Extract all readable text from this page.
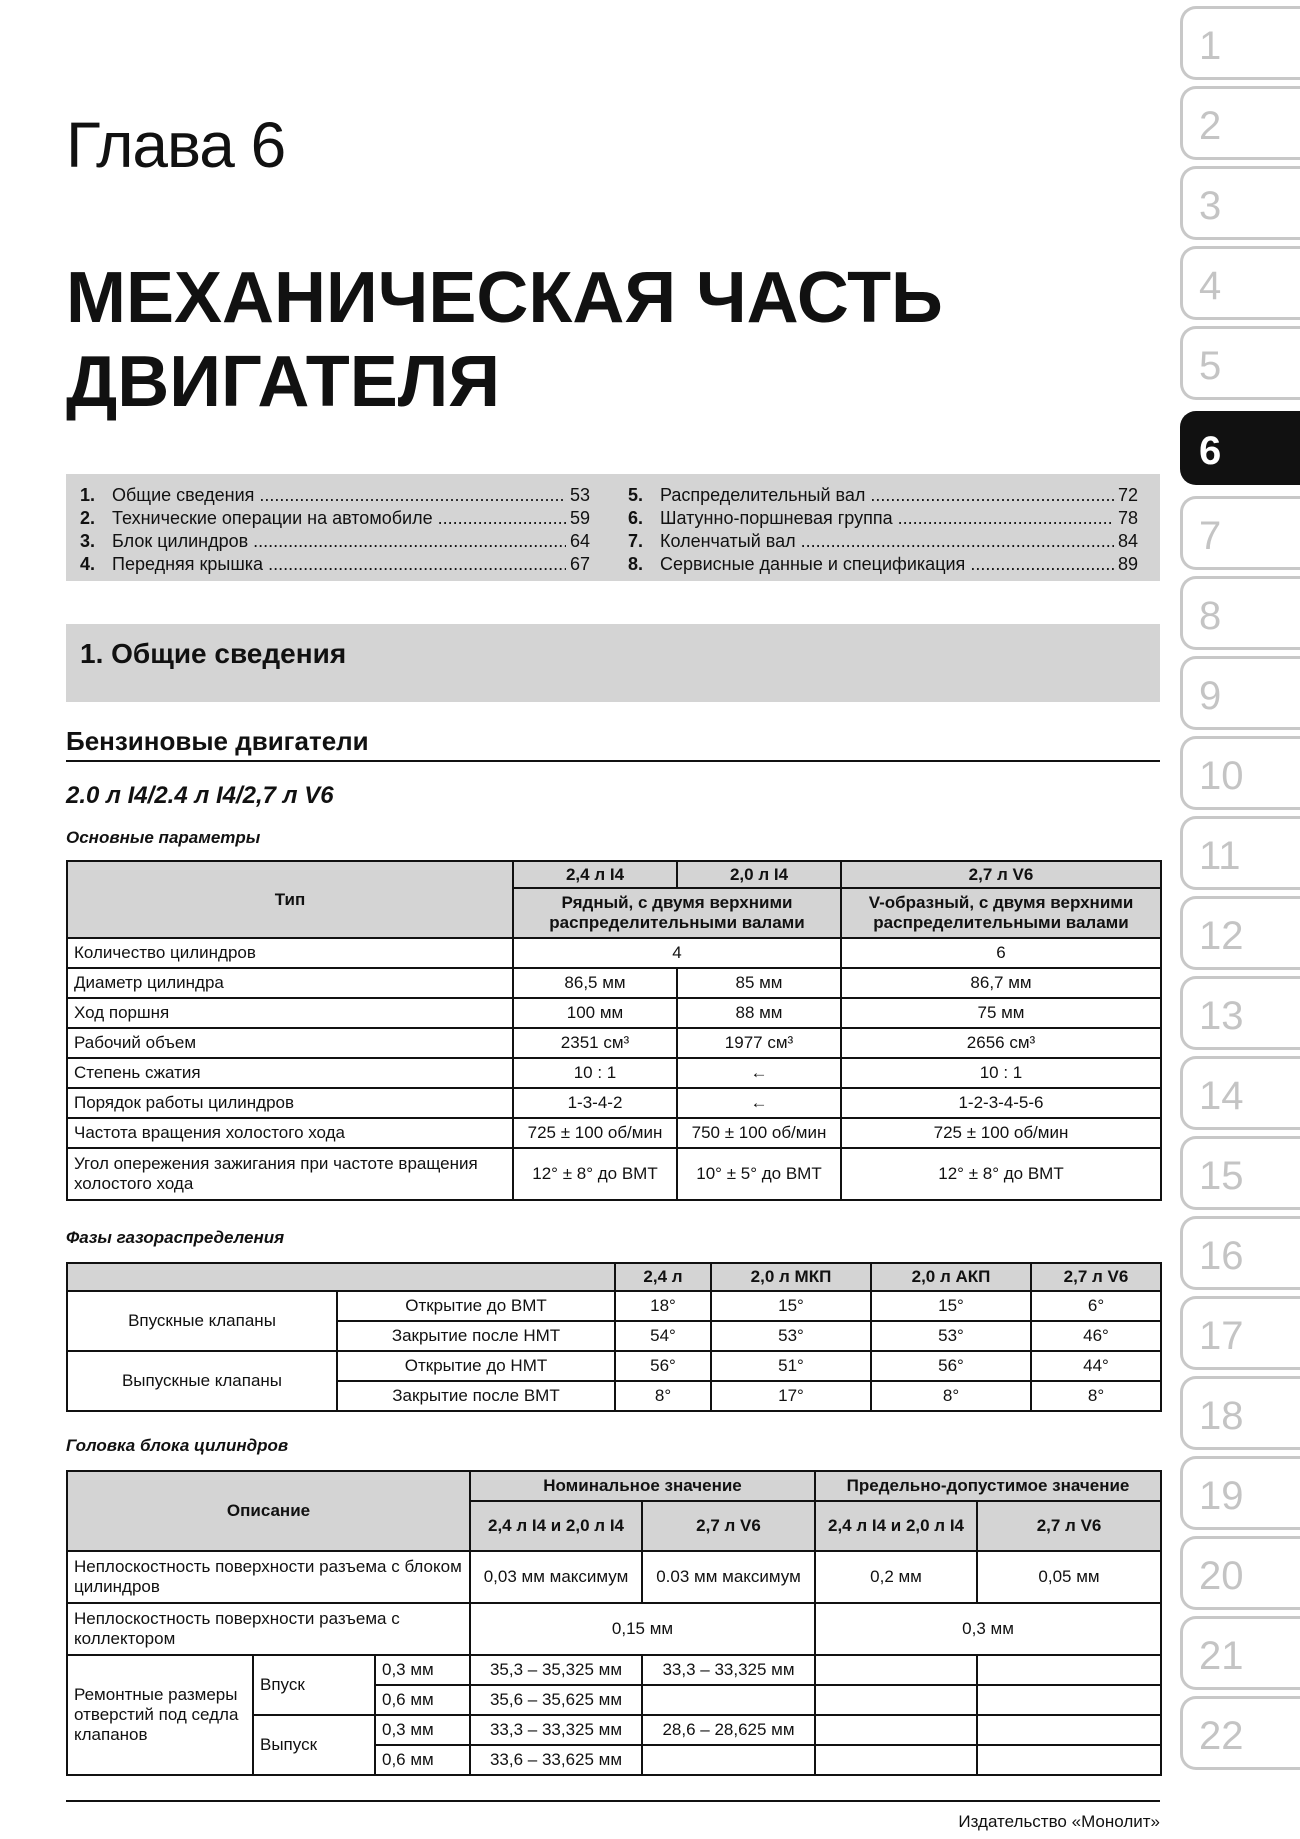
1
2
3
4
5
6
7
8
9
10
11
12
13
14
15
16
17
18
19
20
21
22
Глава 6
МЕХАНИЧЕСКАЯ ЧАСТЬ
ДВИГАТЕЛЯ
1. Общие сведения .....	53
2. Технические операции на автомобиле .....	59
3. Блок цилиндров .....	64
4. Передняя крышка .....	67
5. Распределительный вал .....	72
6. Шатунно-поршневая группа .....	78
7. Коленчатый вал .....	84
8. Сервисные данные и спецификация .....	89
1. Общие сведения
Бензиновые двигатели
2.0 л I4/2.4 л I4/2,7 л V6
Основные параметры
Тип	2,4 л I4	2,0 л I4	2,7 л V6
	Рядный, с двумя верхними распределительными валами		V-образный, с двумя верхними распределительными валами
Количество цилиндров	4		6
Диаметр цилиндра	86,5 мм	85 мм	86,7 мм
Ход поршня	100 мм	88 мм	75 мм
Рабочий объем	2351 см³	1977 см³	2656 см³
Степень сжатия	10 : 1	←	10 : 1
Порядок работы цилиндров	1-3-4-2	←	1-2-3-4-5-6
Частота вращения холостого хода	725 ± 100 об/мин	750 ± 100 об/мин	725 ± 100 об/мин
Угол опережения зажигания при частоте вращения холостого хода	12° ± 8° до ВМТ	10° ± 5° до ВМТ	12° ± 8° до ВМТ
Фазы газораспределения
		2,4 л	2,0 л МКП	2,0 л АКП	2,7 л V6
Впускные клапаны	Открытие до ВМТ	18°	15°	15°	6°
	Закрытие после НМТ	54°	53°	53°	46°
Выпускные клапаны	Открытие до НМТ	56°	51°	56°	44°
	Закрытие после ВМТ	8°	17°	8°	8°
Головка блока цилиндров
Описание			Номинальное значение		Предельно-допустимое значение	
			2,4 л I4 и 2,0 л I4	2,7 л V6	2,4 л I4 и 2,0 л I4	2,7 л V6
Неплоскостность поверхности разъема с блоком цилиндров			0,03 мм максимум	0.03 мм максимум	0,2 мм	0,05 мм
Неплоскостность поверхности разъема с коллектором			0,15 мм		0,3 мм	
Ремонтные размеры отверстий под седла клапанов	Впуск	0,3 мм	35,3 – 35,325 мм	33,3 – 33,325 мм		
		0,6 мм	35,6 – 35,625 мм			
	Выпуск	0,3 мм	33,3 – 33,325 мм	28,6 – 28,625 мм		
		0,6 мм	33,6 – 33,625 мм			
Издательство «Монолит»
